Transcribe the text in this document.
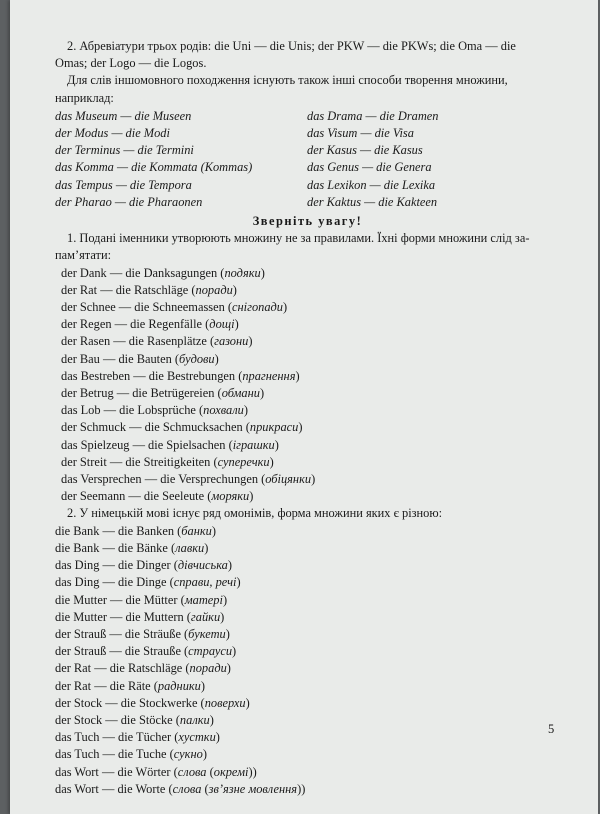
2. Абревіатури трьох родів: die Uni — die Unis; der PKW — die PKWs; die Oma — die

Omas; der Logo — die Logos.

Для слів іншомовного походження існують також інші способи творення множини,

наприклад:

das Museum — die Museen
der Modus — die Modi
der Terminus — die Termini
das Komma — die Kommata (Kommas)
das Tempus — die Tempora
der Pharao — die Pharaonen
das Drama — die Dramen
das Visum — die Visa
der Kasus — die Kasus
das Genus — die Genera
das Lexikon — die Lexika
der Kaktus — die Kakteen

Зверніть увагу!

1. Подані іменники утворюють множину не за правилами. Їхні форми множини слід за-

пам’ятати:

der Dank — die Danksagungen (подяки)
der Rat — die Ratschläge (поради)
der Schnee — die Schneemassen (снігопади)
der Regen — die Regenfälle (дощі)
der Rasen — die Rasenplätze (газони)
der Bau — die Bauten (будови)
das Bestreben — die Bestrebungen (прагнення)
der Betrug — die Betrügereien (обмани)
das Lob — die Lobsprüche (похвали)
der Schmuck — die Schmucksachen (прикраси)
das Spielzeug — die Spielsachen (іграшки)
der Streit — die Streitigkeiten (суперечки)
das Versprechen — die Versprechungen (обіцянки)
der Seemann — die Seeleute (моряки)

2. У німецькій мові існує ряд омонімів, форма множини яких є різною:

die Bank — die Banken (банки)
die Bank — die Bänke (лавки)
das Ding — die Dinger (дівчиська)
das Ding — die Dinge (справи, речі)
die Mutter — die Mütter (матері)
die Mutter — die Muttern (гайки)
der Strauß — die Sträuße (букети)
der Strauß — die Strauße (страуси)
der Rat — die Ratschläge (поради)
der Rat — die Räte (радники)
der Stock — die Stockwerke (поверхи)
der Stock — die Stöcke (палки)
das Tuch — die Tücher (хустки)
das Tuch — die Tuche (сукно)
das Wort — die Wörter (слова (окремі))
das Wort — die Worte (слова (зв’язне мовлення))
5
